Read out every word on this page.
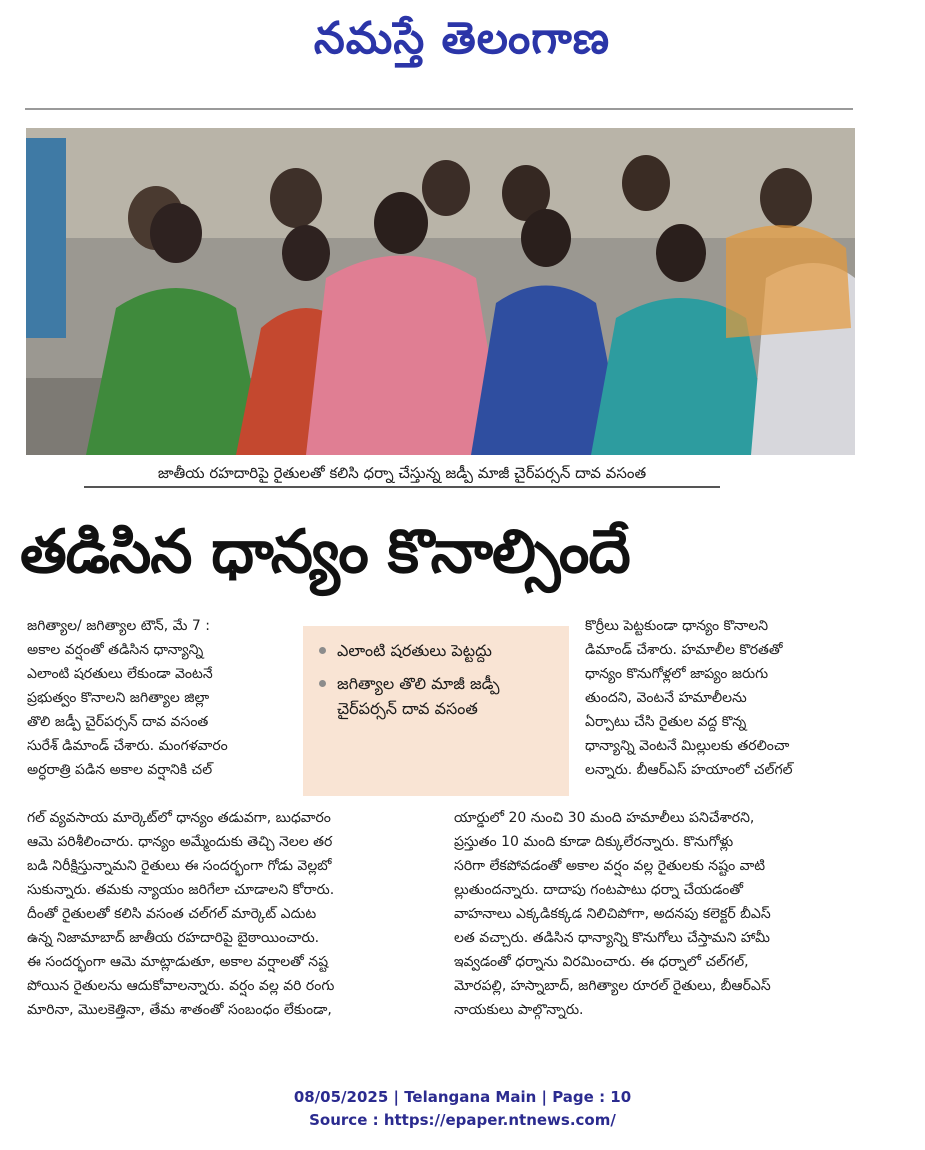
నమస్తే తెలంగాణ
జాతీయ రహదారిపై రైతులతో కలిసి ధర్నా చేస్తున్న జడ్పీ మాజీ చైర్‌పర్సన్ దావ వసంత
తడిసిన ధాన్యం కొనాల్సిందే

జగిత్యాల/ జగిత్యాల టౌన్, మే 7 :

అకాల వర్షంతో తడిసిన ధాన్యాన్ని

ఎలాంటి షరతులు లేకుండా వెంటనే

ప్రభుత్వం కొనాలని జగిత్యాల జిల్లా

తొలి జడ్పీ చైర్‌పర్సన్ దావ వసంత

సురేశ్ డిమాండ్ చేశారు. మంగళవారం

అర్ధరాత్రి పడిన అకాల వర్షానికి చల్

ఎలాంటి షరతులు పెట్టద్దు
జగిత్యాల తొలి మాజీ జడ్పీ చైర్‌పర్సన్ దావ వసంత

కొర్రీలు పెట్టకుండా ధాన్యం కొనాలని

డిమాండ్ చేశారు. హమాలీల కొరతతో

ధాన్యం కొనుగోళ్లలో జాప్యం జరుగు

తుందని, వెంటనే హమాలీలను

ఏర్పాటు చేసి రైతుల వద్ద కొన్న

ధాన్యాన్ని వెంటనే మిల్లులకు తరలించా

లన్నారు. బీఆర్‌ఎస్ హయాంలో చల్‌గల్

గల్ వ్యవసాయ మార్కెట్‌లో ధాన్యం తడువగా, బుధవారం

ఆమె పరిశీలించారు. ధాన్యం అమ్మేందుకు తెచ్చి నెలల తర

బడి నిరీక్షిస్తున్నామని రైతులు ఈ సందర్భంగా గోడు వెల్లబో

సుకున్నారు. తమకు న్యాయం జరిగేలా చూడాలని కోరారు.

దీంతో రైతులతో కలిసి వసంత చల్‌గల్ మార్కెట్ ఎదుట

ఉన్న నిజామాబాద్ జాతీయ రహదారిపై బైఠాయించారు.

ఈ సందర్భంగా ఆమె మాట్లాడుతూ, అకాల వర్షాలతో నష్ట

పోయిన రైతులను ఆదుకోవాలన్నారు. వర్షం వల్ల వరి రంగు

మారినా, మొలకెత్తినా, తేమ శాతంతో సంబంధం లేకుండా,

యార్డులో 20 నుంచి 30 మంది హమాలీలు పనిచేశారని,

ప్రస్తుతం 10 మంది కూడా దిక్కులేరన్నారు. కొనుగోళ్లు

సరిగా లేకపోవడంతో అకాల వర్షం వల్ల రైతులకు నష్టం వాటి

ల్లుతుందన్నారు. దాదాపు గంటపాటు ధర్నా చేయడంతో

వాహనాలు ఎక్కడికక్కడ నిలిచిపోగా, అదనపు కలెక్టర్ బీఎస్

లత వచ్చారు. తడిసిన ధాన్యాన్ని కొనుగోలు చేస్తామని హామీ

ఇవ్వడంతో ధర్నాను విరమించారు. ఈ ధర్నాలో చల్‌గల్,

మోరపల్లి, హస్నాబాద్, జగిత్యాల రూరల్ రైతులు, బీఆర్‌ఎస్

నాయకులు పాల్గొన్నారు.

08/05/2025 | Telangana Main | Page : 10
Source : https://epaper.ntnews.com/
